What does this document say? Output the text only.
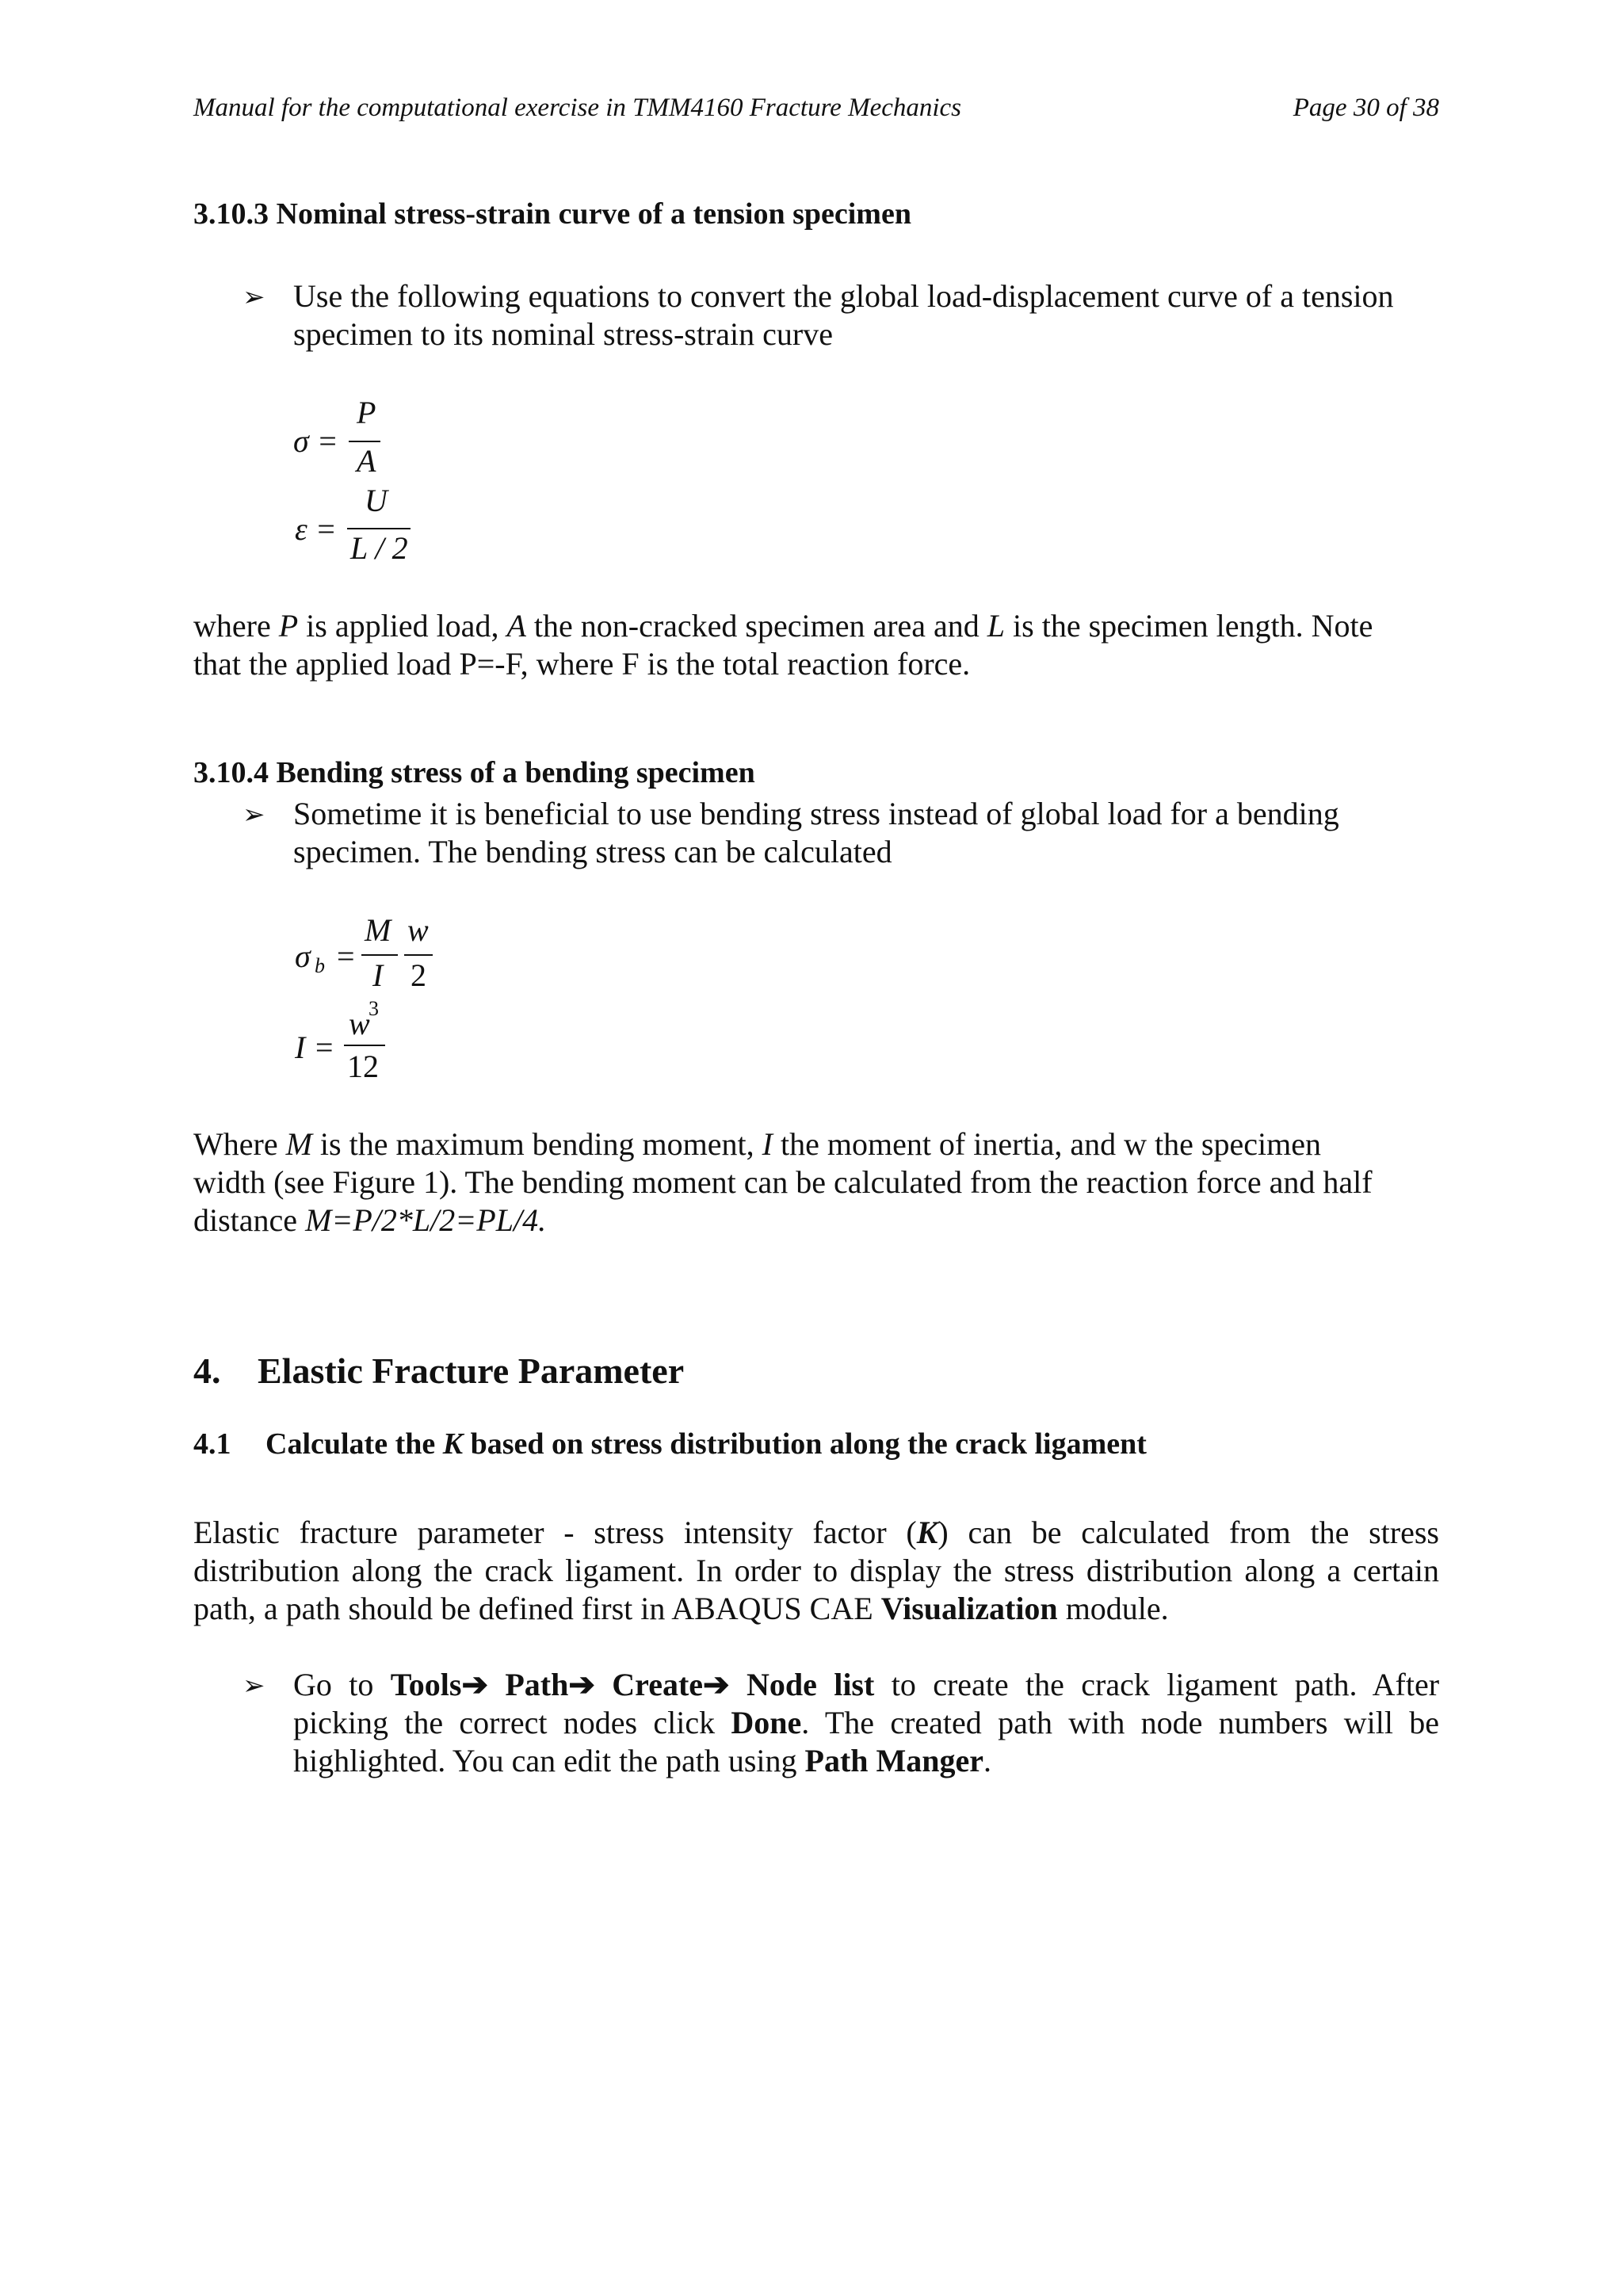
Manual for the computational exercise in TMM4160 Fracture Mechanics	Page 30 of 38
3.10.3 Nominal stress-strain curve of a tension specimen
➢ Use the following equations to convert the global load-displacement curve of a tension
specimen to its nominal stress-strain curve
σ =
P
A
ε =
U
L / 2
where P is applied load, A the non-cracked specimen area and L is the specimen length. Note
that the applied load P=-F, where F is the total reaction force.
3.10.4 Bending stress of a bending specimen
➢ Sometime it is beneficial to use bending stress instead of global load for a bending
specimen. The bending stress can be calculated
σ b =
M
I
w
2
I =
w
3
12
Where M is the maximum bending moment, I the moment of inertia, and w the specimen
width (see Figure 1). The bending moment can be calculated from the reaction force and half
distance M=P/2*L/2=PL/4.
4. Elastic Fracture Parameter
4.1 Calculate the K based on stress distribution along the crack ligament
Elastic fracture parameter - stress intensity factor (K) can be calculated from the stress
distribution along the crack ligament. In order to display the stress distribution along a certain
path, a path should be defined first in ABAQUS CAE Visualization module.
➢ Go to Tools➔ Path➔ Create➔ Node list to create the crack ligament path. After
picking the correct nodes click Done. The created path with node numbers will be
highlighted. You can edit the path using Path Manger.
